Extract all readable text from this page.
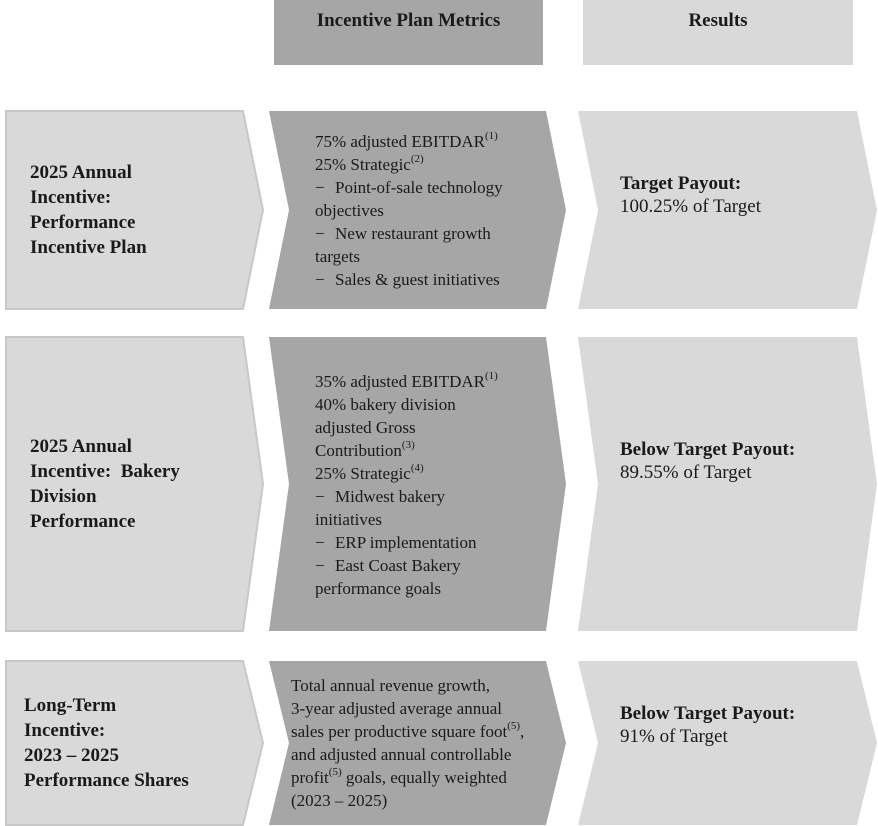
Incentive Plan Metrics	Results
2025 Annual
Incentive:
Performance
Incentive Plan
75% adjusted EBITDAR$^{(1)}$
25% Strategic$^{(2)}$
− Point-of-sale technology
objectives
− New restaurant growth
targets
− Sales & guest initiatives
Target Payout:
100.25% of Target
2025 Annual
Incentive:  Bakery
Division
Performance
35% adjusted EBITDAR$^{(1)}$
40% bakery division
adjusted Gross
Contribution$^{(3)}$
25% Strategic$^{(4)}$
− Midwest bakery
initiatives
− ERP implementation
− East Coast Bakery
performance goals
Below Target Payout:
89.55% of Target
Long-Term
Incentive:
2023 – 2025
Performance Shares
Total annual revenue growth,
3-year adjusted average annual
sales per productive square foot$^{(5)}$,
and adjusted annual controllable
profit$^{(5)}$ goals, equally weighted
(2023 – 2025)
Below Target Payout:
91% of Target
